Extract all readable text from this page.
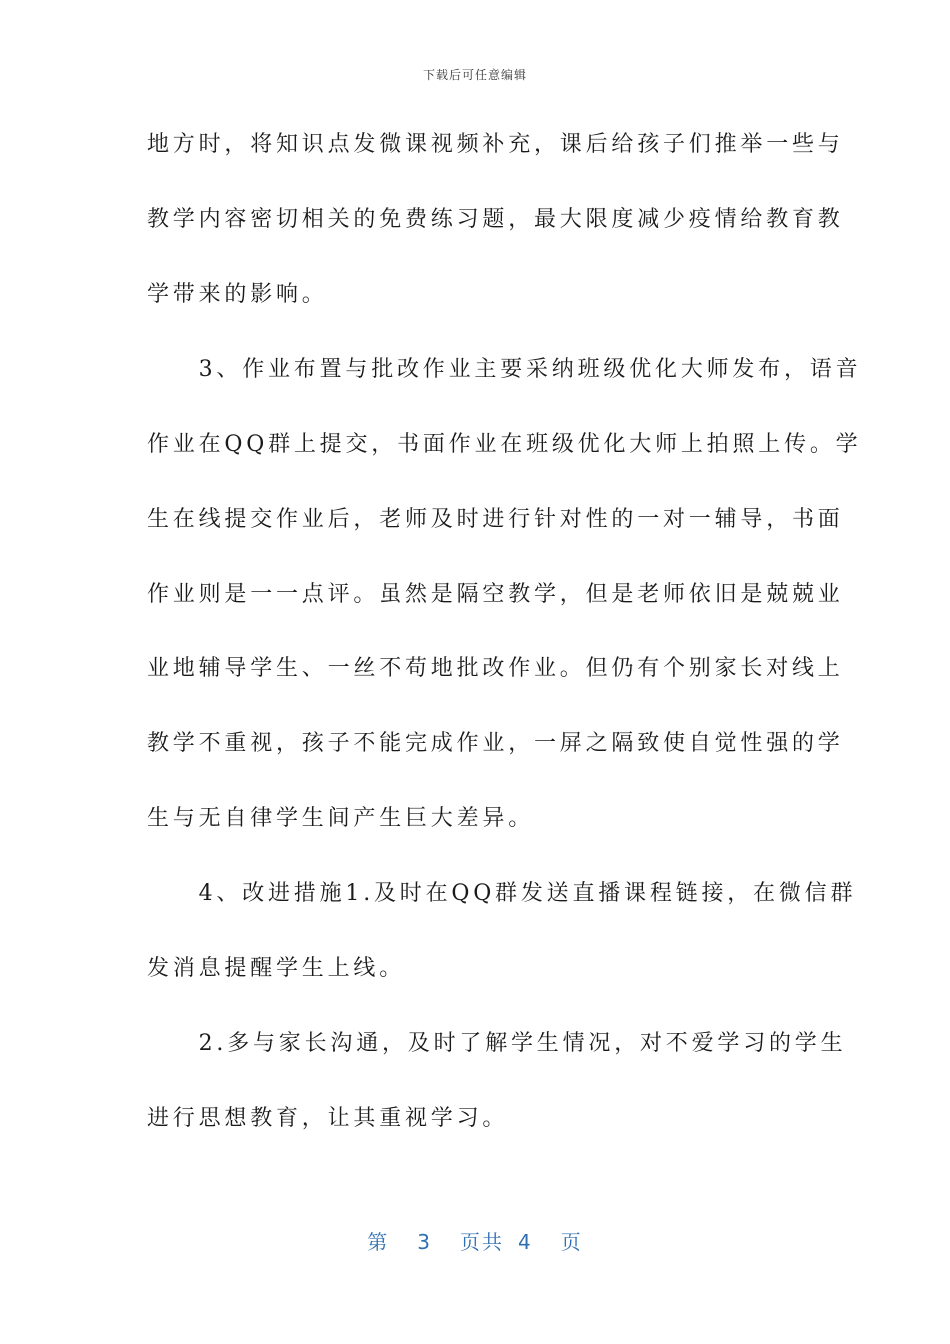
下载后可任意编辑
地方时，将知识点发微课视频补充，课后给孩子们推举一些与
教学内容密切相关的免费练习题，最大限度减少疫情给教育教
学带来的影响。
　　3、作业布置与批改作业主要采纳班级优化大师发布，语音
作业在QQ群上提交，书面作业在班级优化大师上拍照上传。学
生在线提交作业后，老师及时进行针对性的一对一辅导，书面
作业则是一一点评。虽然是隔空教学，但是老师依旧是兢兢业
业地辅导学生、一丝不苟地批改作业。但仍有个别家长对线上
教学不重视，孩子不能完成作业，一屏之隔致使自觉性强的学
生与无自律学生间产生巨大差异。
　　4、改进措施1.及时在QQ群发送直播课程链接，在微信群
发消息提醒学生上线。
　　2.多与家长沟通，及时了解学生情况，对不爱学习的学生
进行思想教育，让其重视学习。
第 3 页共 4 页
